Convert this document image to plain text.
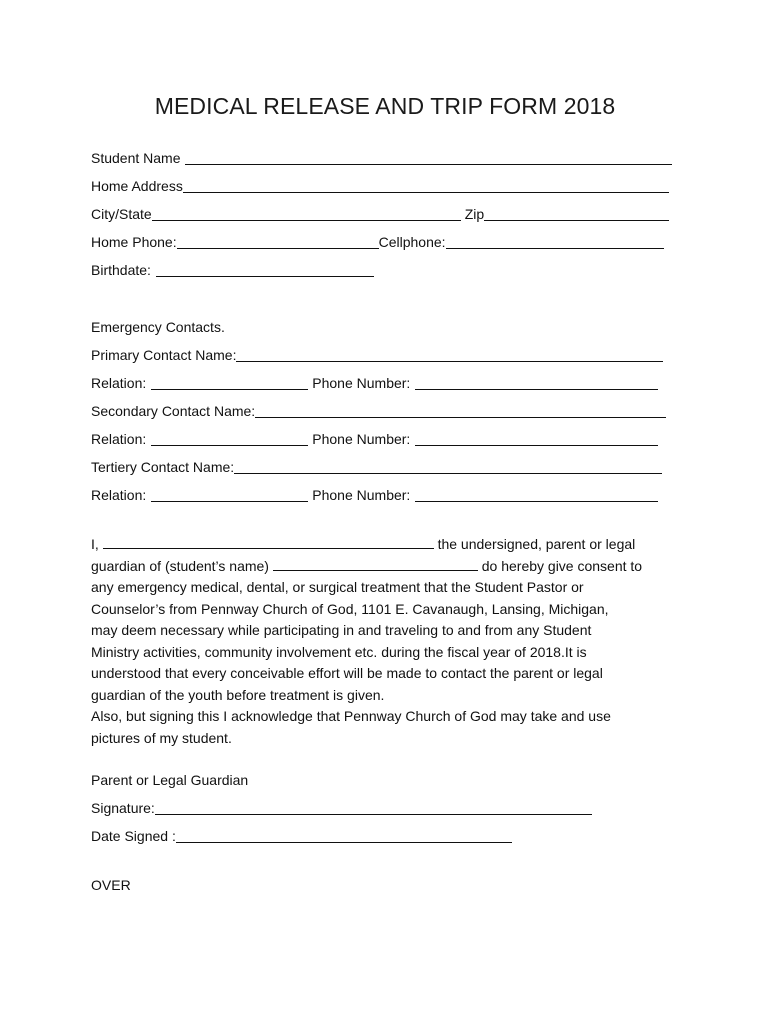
MEDICAL RELEASE AND TRIP FORM 2018
Student Name
Home Address
City/State	Zip
Home Phone:	Cellphone:
Birthdate:
Emergency Contacts.
Primary Contact Name:
Relation:	Phone Number:
Secondary Contact Name:
Relation:	Phone Number:
Tertiery Contact Name:
Relation:	Phone Number:

I,	the undersigned, parent or legal

guardian of (student’s name)	do hereby give consent to

any emergency medical, dental, or surgical treatment that the Student Pastor or

Counselor’s from Pennway Church of God, 1101 E. Cavanaugh, Lansing, Michigan,

may deem necessary while participating in and traveling to and from any Student

Ministry activities, community involvement etc. during the fiscal year of 2018.It is

understood that every conceivable effort will be made to contact the parent or legal

guardian of the youth before treatment is given.

Also, but signing this I acknowledge that Pennway Church of God may take and use

pictures of my student.

Parent or Legal Guardian
Signature:
Date Signed :
OVER
